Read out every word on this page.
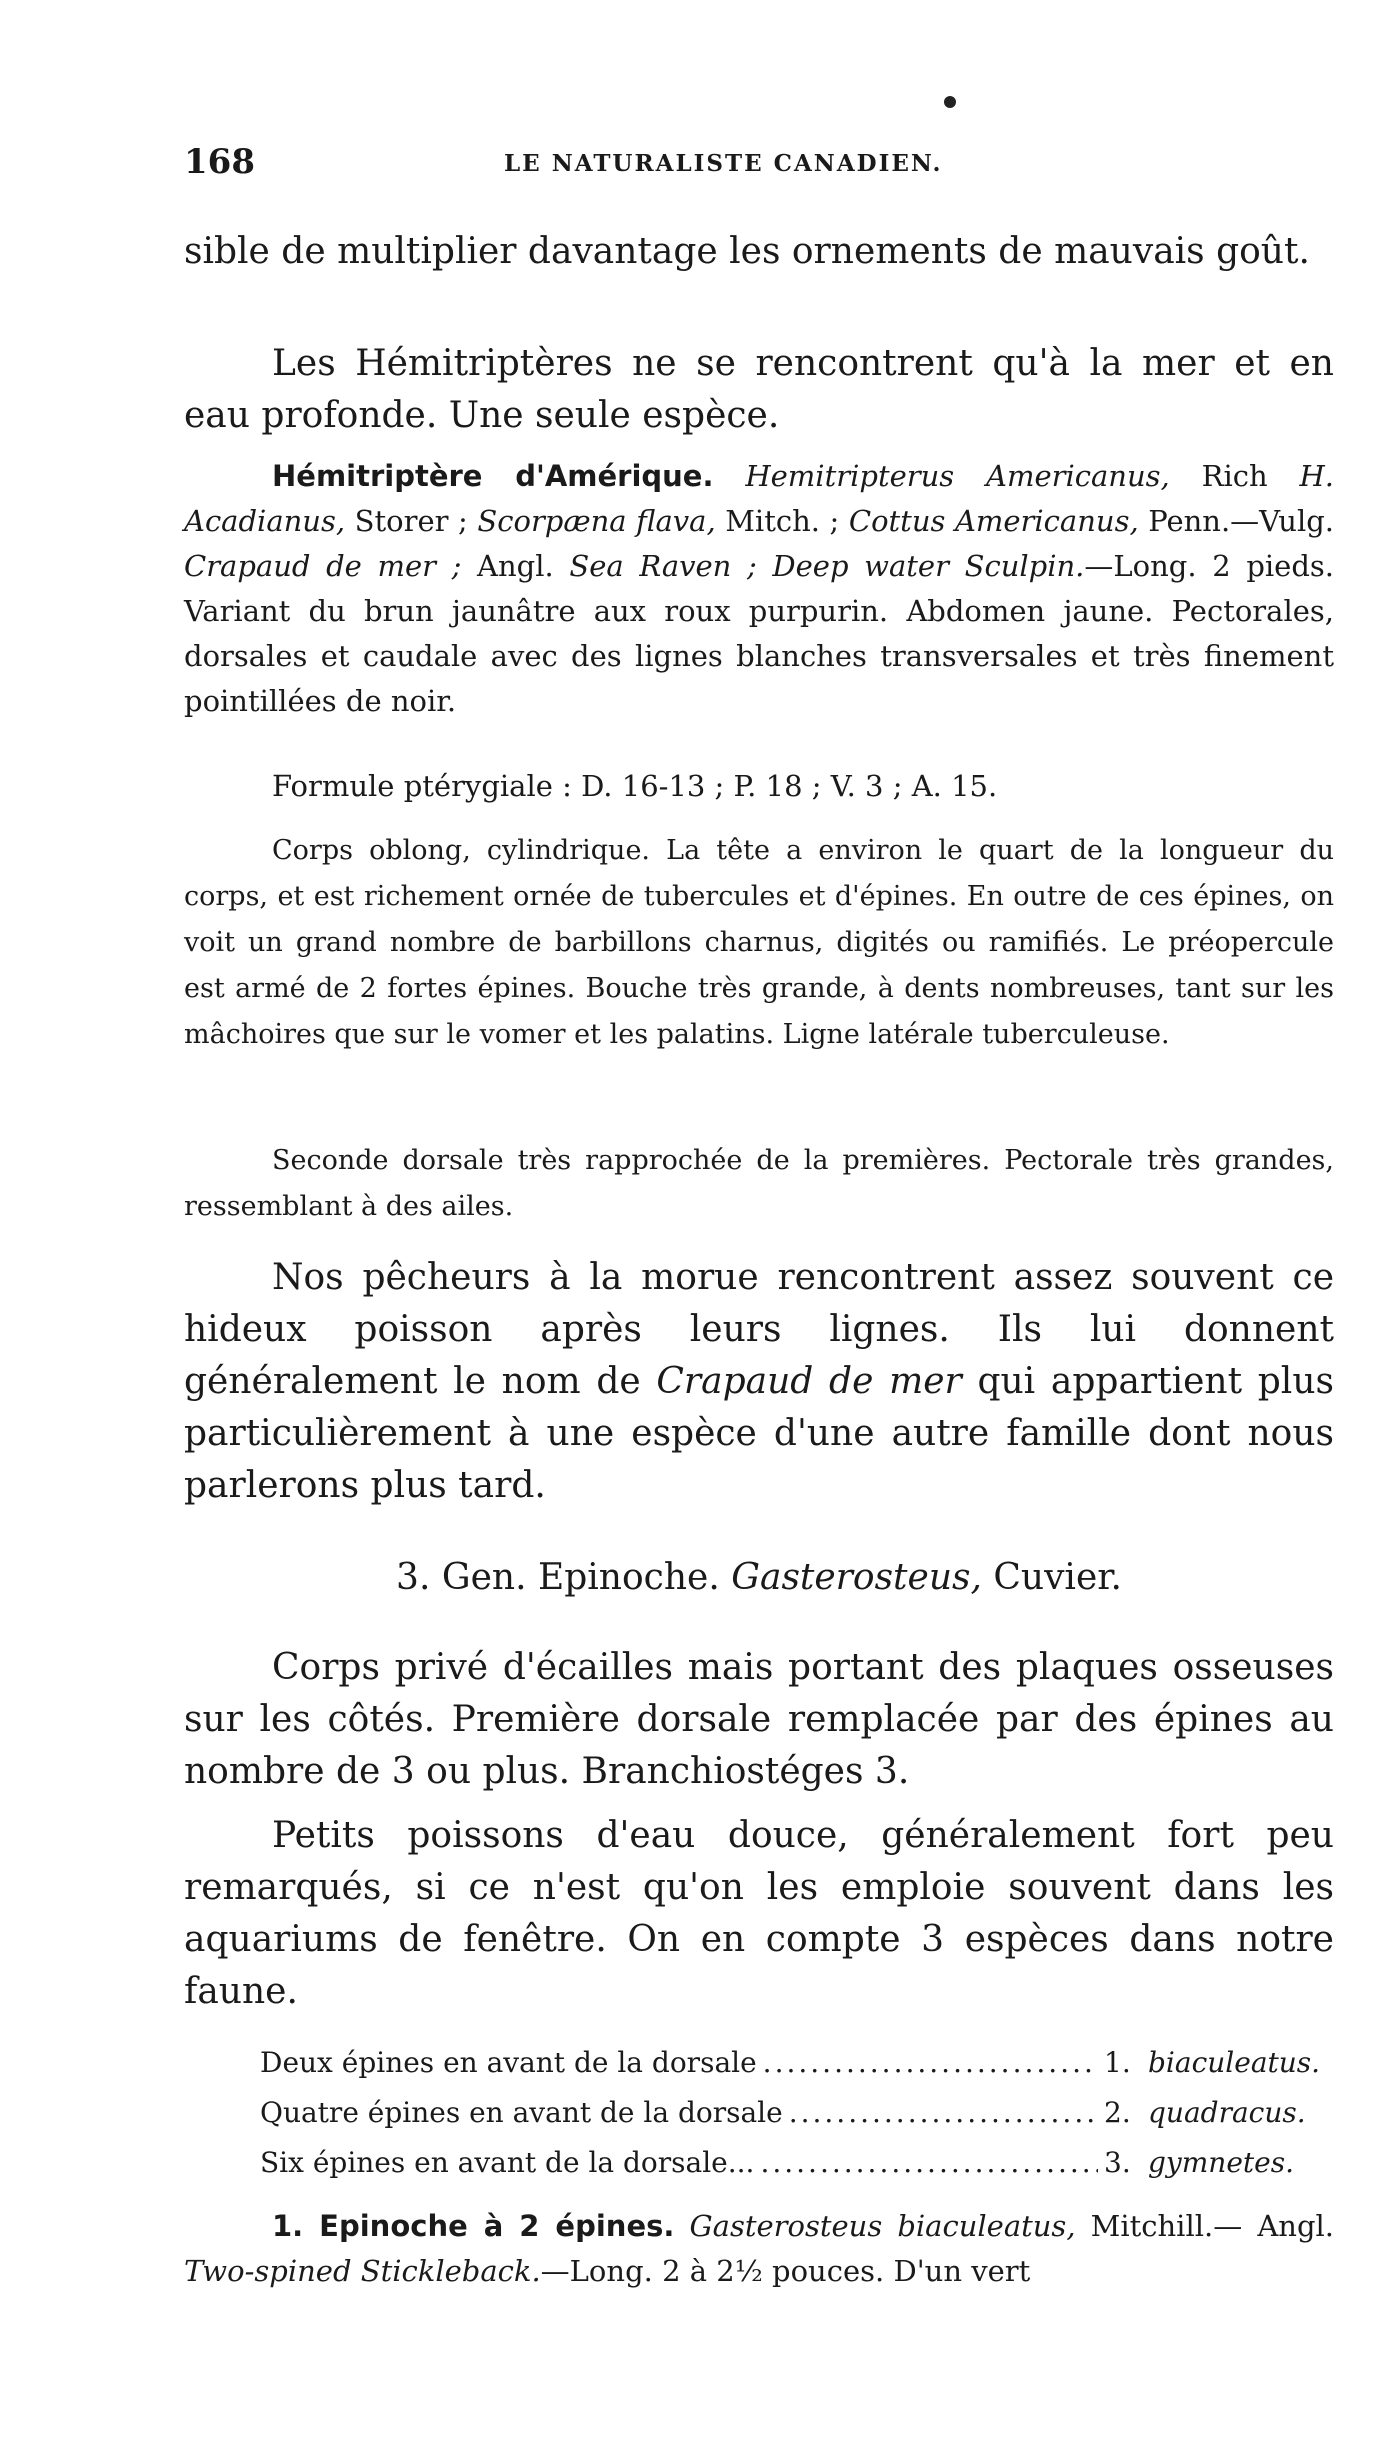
168	LE NATURALISTE CANADIEN.

sible de multiplier davantage les ornements de mauvais goût.

Les Hémitriptères ne se rencontrent qu'à la mer et en eau profonde. Une seule espèce.

Hémitriptère d'Amérique. Hemitripterus Americanus, Rich H. Acadianus, Storer ; Scorpæna flava, Mitch. ; Cottus Americanus, Penn.—Vulg. Crapaud de mer ; Angl. Sea Raven ; Deep water Sculpin.—Long. 2 pieds. Variant du brun jaunâtre aux roux purpurin. Abdomen jaune. Pectorales, dorsales et caudale avec des lignes blanches transversales et très finement pointillées de noir.

Formule ptérygiale : D. 16-13 ; P. 18 ; V. 3 ; A. 15.

Corps oblong, cylindrique. La tête a environ le quart de la longueur du corps, et est richement ornée de tubercules et d'épines. En outre de ces épines, on voit un grand nombre de barbillons charnus, digités ou ramifiés. Le préopercule est armé de 2 fortes épines. Bouche très grande, à dents nombreuses, tant sur les mâchoires que sur le vomer et les palatins. Ligne latérale tuberculeuse.

Seconde dorsale très rapprochée de la premières. Pectorale très grandes, ressemblant à des ailes.

Nos pêcheurs à la morue rencontrent assez souvent ce hideux poisson après leurs lignes. Ils lui donnent généralement le nom de Crapaud de mer qui appartient plus particulièrement à une espèce d'une autre famille dont nous parlerons plus tard.

3. Gen. Epinoche. Gasterosteus, Cuvier.

Corps privé d'écailles mais portant des plaques osseuses sur les côtés. Première dorsale remplacée par des épines au nombre de 3 ou plus. Branchiostéges 3.

Petits poissons d'eau douce, généralement fort peu remarqués, si ce n'est qu'on les emploie souvent dans les aquariums de fenêtre. On en compte 3 espèces dans notre faune.

Deux épines en avant de la dorsale .....	1. biaculeatus.
Quatre épines en avant de la dorsale .....	2. quadracus.
Six épines en avant de la dorsale... .....	3. gymnetes.

1. Epinoche à 2 épines. Gasterosteus biaculeatus, Mitchill.— Angl. Two-spined Stickleback.—Long. 2 à 2½ pouces. D'un vert
